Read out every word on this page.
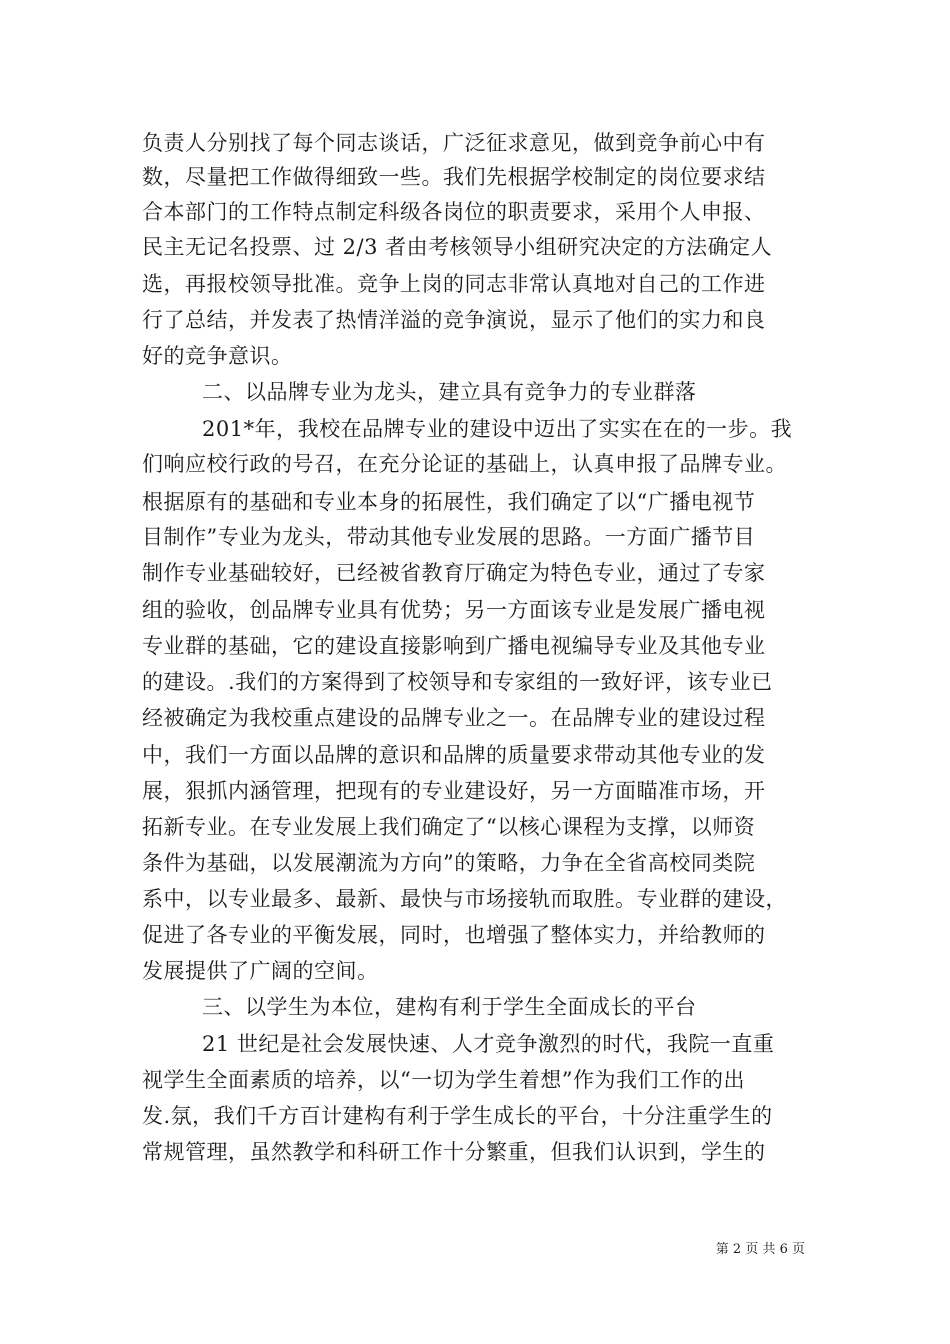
负责人分别找了每个同志谈话，广泛征求意见，做到竞争前心中有
数，尽量把工作做得细致一些。我们先根据学校制定的岗位要求结
合本部门的工作特点制定科级各岗位的职责要求，采用个人申报、
民主无记名投票、过 2/3 者由考核领导小组研究决定的方法确定人
选，再报校领导批准。竞争上岗的同志非常认真地对自己的工作进
行了总结，并发表了热情洋溢的竞争演说，显示了他们的实力和良
好的竞争意识。
二、以品牌专业为龙头，建立具有竞争力的专业群落
201*年，我校在品牌专业的建设中迈出了实实在在的一步。我
们响应校行政的号召，在充分论证的基础上，认真申报了品牌专业。
根据原有的基础和专业本身的拓展性，我们确定了以“广播电视节
目制作”专业为龙头，带动其他专业发展的思路。一方面广播节目
制作专业基础较好，已经被省教育厅确定为特色专业，通过了专家
组的验收，创品牌专业具有优势；另一方面该专业是发展广播电视
专业群的基础，它的建设直接影响到广播电视编导专业及其他专业
的建设。.我们的方案得到了校领导和专家组的一致好评，该专业已
经被确定为我校重点建设的品牌专业之一。在品牌专业的建设过程
中，我们一方面以品牌的意识和品牌的质量要求带动其他专业的发
展，狠抓内涵管理，把现有的专业建设好，另一方面瞄准市场，开
拓新专业。在专业发展上我们确定了“以核心课程为支撑，以师资
条件为基础，以发展潮流为方向”的策略，力争在全省高校同类院
系中，以专业最多、最新、最快与市场接轨而取胜。专业群的建设，
促进了各专业的平衡发展，同时，也增强了整体实力，并给教师的
发展提供了广阔的空间。
三、以学生为本位，建构有利于学生全面成长的平台
21 世纪是社会发展快速、人才竞争激烈的时代，我院一直重
视学生全面素质的培养，以“一切为学生着想”作为我们工作的出
发.氛，我们千方百计建构有利于学生成长的平台，十分注重学生的
常规管理，虽然教学和科研工作十分繁重，但我们认识到，学生的
第 2 页 共 6 页
